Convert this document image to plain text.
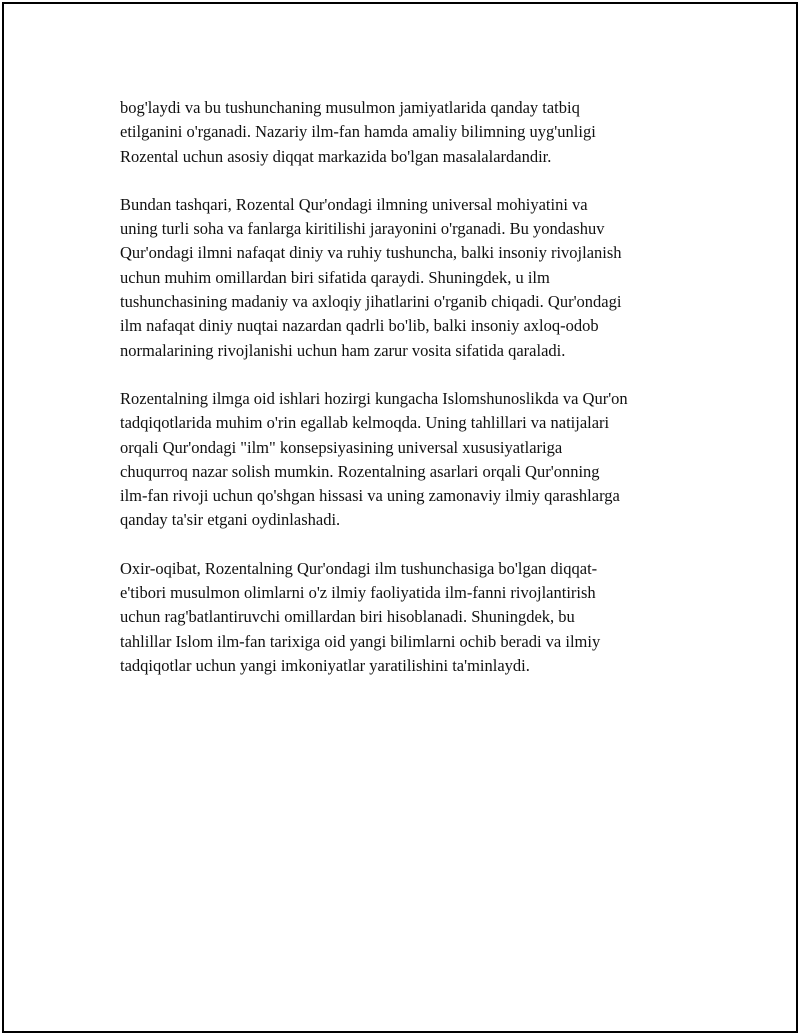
bog'laydi va bu tushunchaning musulmon jamiyatlarida qanday tatbiq
etilganini o'rganadi. Nazariy ilm-fan hamda amaliy bilimning uyg'unligi
Rozental uchun asosiy diqqat markazida bo'lgan masalalardandir.

Bundan tashqari, Rozental Qur'ondagi ilmning universal mohiyatini va
uning turli soha va fanlarga kiritilishi jarayonini o'rganadi. Bu yondashuv
Qur'ondagi ilmni nafaqat diniy va ruhiy tushuncha, balki insoniy rivojlanish
uchun muhim omillardan biri sifatida qaraydi. Shuningdek, u ilm
tushunchasining madaniy va axloqiy jihatlarini o'rganib chiqadi. Qur'ondagi
ilm nafaqat diniy nuqtai nazardan qadrli bo'lib, balki insoniy axloq-odob
normalarining rivojlanishi uchun ham zarur vosita sifatida qaraladi.

Rozentalning ilmga oid ishlari hozirgi kungacha Islomshunoslikda va Qur'on
tadqiqotlarida muhim o'rin egallab kelmoqda. Uning tahlillari va natijalari
orqali Qur'ondagi "ilm" konsepsiyasining universal xususiyatlariga
chuqurroq nazar solish mumkin. Rozentalning asarlari orqali Qur'onning
ilm-fan rivoji uchun qo'shgan hissasi va uning zamonaviy ilmiy qarashlarga
qanday ta'sir etgani oydinlashadi.

Oxir-oqibat, Rozentalning Qur'ondagi ilm tushunchasiga bo'lgan diqqat-
e'tibori musulmon olimlarni o'z ilmiy faoliyatida ilm-fanni rivojlantirish
uchun rag'batlantiruvchi omillardan biri hisoblanadi. Shuningdek, bu
tahlillar Islom ilm-fan tarixiga oid yangi bilimlarni ochib beradi va ilmiy
tadqiqotlar uchun yangi imkoniyatlar yaratilishini ta'minlaydi.
